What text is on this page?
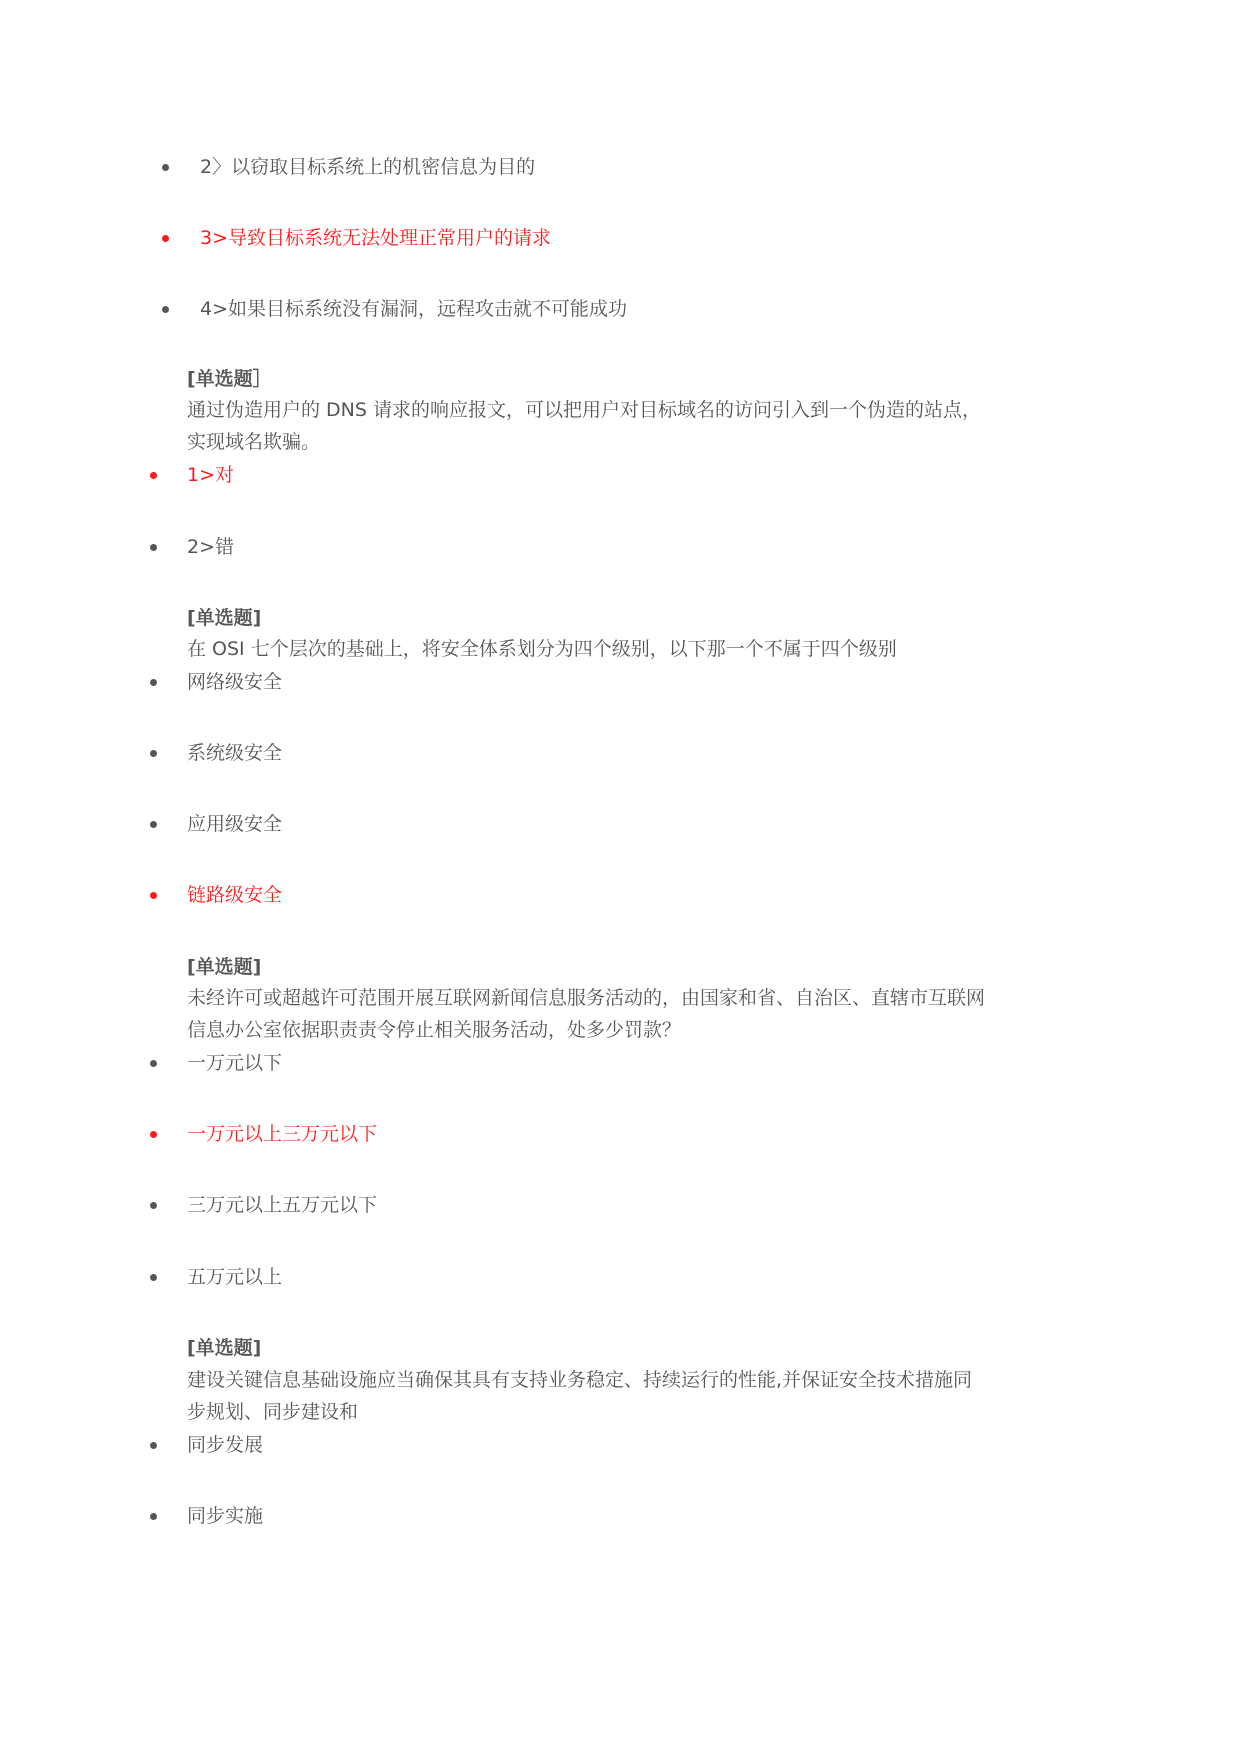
2〉以窃取目标系统上的机密信息为目的
3>导致目标系统无法处理正常用户的请求
4>如果目标系统没有漏洞，远程攻击就不可能成功
[单选题］
通过伪造用户的 DNS 请求的响应报文，可以把用户对目标域名的访问引入到一个伪造的站点，
实现域名欺骗。
1>对
2>错
[单选题]
在 OSI 七个层次的基础上，将安全体系划分为四个级别，以下那一个不属于四个级别
网络级安全
系统级安全
应用级安全
链路级安全
[单选题]
未经许可或超越许可范围开展互联网新闻信息服务活动的，由国家和省、自治区、直辖市互联网
信息办公室依据职责责令停止相关服务活动，处多少罚款？
一万元以下
一万元以上三万元以下
三万元以上五万元以下
五万元以上
[单选题]
建设关键信息基础设施应当确保其具有支持业务稳定、持续运行的性能,并保证安全技术措施同
步规划、同步建设和
同步发展
同步实施
